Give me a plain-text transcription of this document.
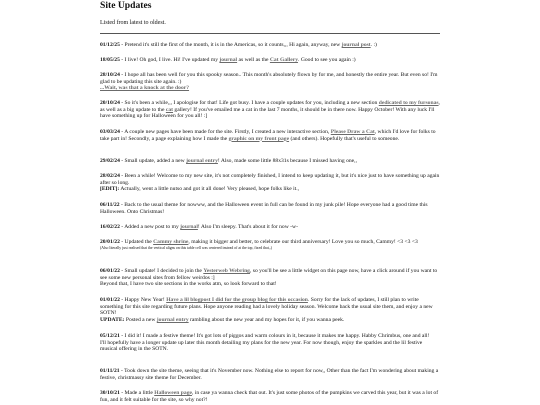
Site Updates
Listed from latest to oldest.

01/12/25 - Pretend it's still the first of the month, it is in the Americas, so it counts,,, Hi again, anyway, new journal post. :)

18/05/25 - I live! Oh god, I live. Hi! I've updated my journal as well as the Cat Gallery. Good to see you again :)

28/10/24 - I hope all has been well for you this spooky season.. This month's absolutely flown by for me, and honestly the entire year. But even so! I'm glad to be updating this site again. :)

...Wait, was that a knock at the door?

20/10/24 - So it's been a while,,, I apologise for that! Life got busy. I have a couple updates for you, including a new section dedicated to my fursonas, as well as a big update to the cat gallery! If you've emailed me a cat in the last 7 months, it should be in there now. Happy October! With any luck I'll have something up for Halloween for you all! :]

03/03/24 - A couple new pages have been made for the site. Firstly, I created a new interactive section, Please Draw a Cat, which I'd love for folks to take part in! Secondly, a page explaining how I made the graphic on my front page (and others). Hopefully that's useful to someone.

29/02/24 - Small update, added a new journal entry! Also, made some little 88x31s because I missed having one,,

28/02/24 - Been a while! Welcome to my new site, it's not completely finished, I intend to keep updating it, but it's nice just to have something up again after so long.

[EDIT]: Actually, went a little nutso and got it all done! Very pleased, hope folks like it.,

06/11/22 - Back to the usual theme for nowww, and the Halloween event in full can be found in my junk pile! Hope everyone had a good time this Halloween. Onto Christmas!

16/02/22 - Added a new post to my journal! Also I'm sleepy. That's about it for now -w-

20/01/22 - Updated the Cammy shrine, making it bigger and better, to celebrate our third anniversary! Love you so much, Cammy! <3 <3 <3

(Also literally just realised that the vertical aligns on this table cell was centered instead of at the top, fixed that,,)

06/01/22 - Small update! I decided to join the Yesterweb Webring, so you'll be see a little widget on this page now, have a click around if you want to see some new personal sites from fellow weirdos :]

Beyond that, I have two site sections in the works atm, so look forward to that!

01/01/22 - Happy New Year! Have a lil blogpost I did for the group blog for this occasion. Sorry for the lack of updates, I still plan to write something for this site regarding future plans. Hope anyone reading had a lovely holiday season. Welcome back the usual site them, and enjoy a new SOTN!

UPDATE: Posted a new journal entry rambling about the new year and my hopes for it, if you wanna peek.

05/12/21 - I did it! I made a festive theme! It's got lots of piggos and warm colours in it, because it makes me happy. Habby Chrimbus, one and all!

I'll hopefully have a longer update up later this month detailing my plans for the new year. For now though, enjoy the sparkles and the lil festive musical offering in the SOTN.

01/11/21 - Took down the site theme, seeing that it's November now. Nothing else to report for now,, Other than the fact I'm wondering about making a festive, christmassy site theme for December.

30/10/21 - Made a little Halloween page, in case ya wanna check that out. It's just some photos of the pumpkins we carved this year, but it was a lot of fun, and it felt suitable for the site, so why not?!
